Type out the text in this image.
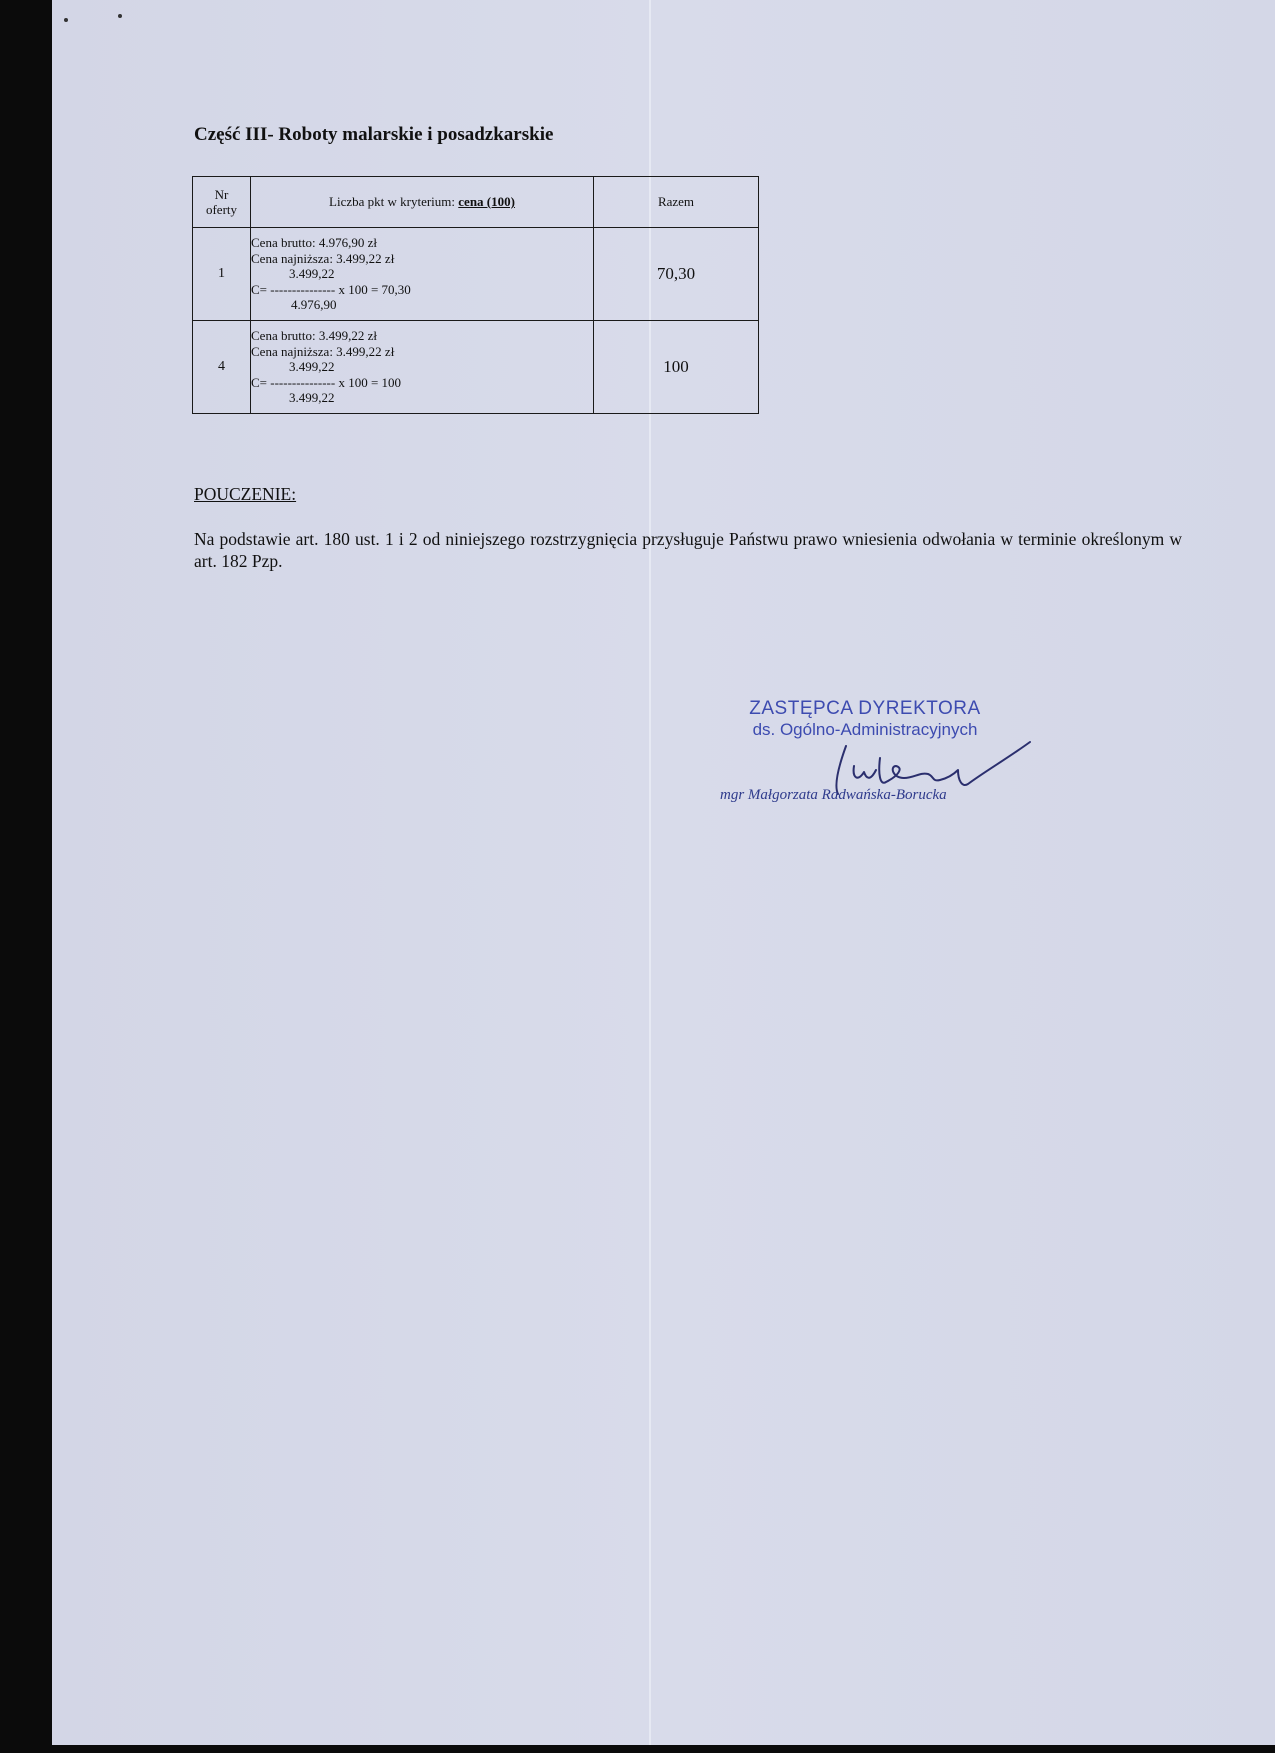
Część III- Roboty malarskie i posadzkarskie
Nr
oferty	Liczba pkt w kryterium: cena (100)	Razem
1	Cena brutto: 4.976,90 zł
Cena najniższa: 3.499,22 zł
3.499,22
C= --------------- x 100 = 70,30
4.976,90	70,30
4	Cena brutto: 3.499,22 zł
Cena najniższa: 3.499,22 zł
3.499,22
C= --------------- x 100 = 100
3.499,22	100
POUCZENIE:

Na podstawie art. 180 ust. 1 i 2 od niniejszego rozstrzygnięcia przysługuje Państwu prawo wniesienia odwołania w terminie określonym w art. 182 Pzp.

ZASTĘPCA DYREKTORA
ds. Ogólno-Administracyjnych
mgr Małgorzata Radwańska-Borucka
